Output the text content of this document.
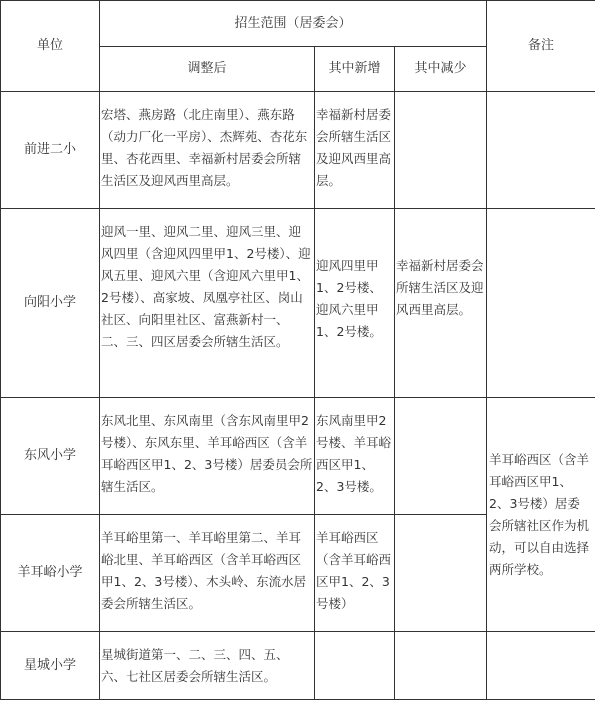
单位	招生范围（居委会）			备注
	调整后	其中新增	其中减少	
前进二小	宏塔、燕房路（北庄南里）、燕东路（动力厂化一平房）、杰辉苑、杏花东里、杏花西里、幸福新村居委会所辖生活区及迎风西里高层。	幸福新村居委会所辖生活区及迎风西里高层。		
向阳小学	迎风一里、迎风二里、迎风三里、迎风四里（含迎风四里甲1、2号楼）、迎风五里、迎风六里（含迎风六里甲1、2号楼）、高家坡、凤凰亭社区、岗山社区、向阳里社区、富燕新村一、二、三、四区居委会所辖生活区。	迎风四里甲1、2号楼、迎风六里甲1、2号楼。	幸福新村居委会所辖生活区及迎风西里高层。	
东风小学	东风北里、东风南里（含东风南里甲2号楼）、东风东里、羊耳峪西区（含羊耳峪西区甲1、2、3号楼）居委员会所辖生活区。	东风南里甲2号楼、羊耳峪西区甲1、2、3号楼。		羊耳峪西区（含羊耳峪西区甲1、2、3号楼）居委会所辖社区作为机动，可以自由选择两所学校。
羊耳峪小学	羊耳峪里第一、羊耳峪里第二、羊耳峪北里、羊耳峪西区（含羊耳峪西区甲1、2、3号楼）、木头岭、东流水居委会所辖生活区。	羊耳峪西区（含羊耳峪西区甲1、2、3号楼）		
星城小学	星城街道第一、二、三、四、五、六、七社区居委会所辖生活区。			
